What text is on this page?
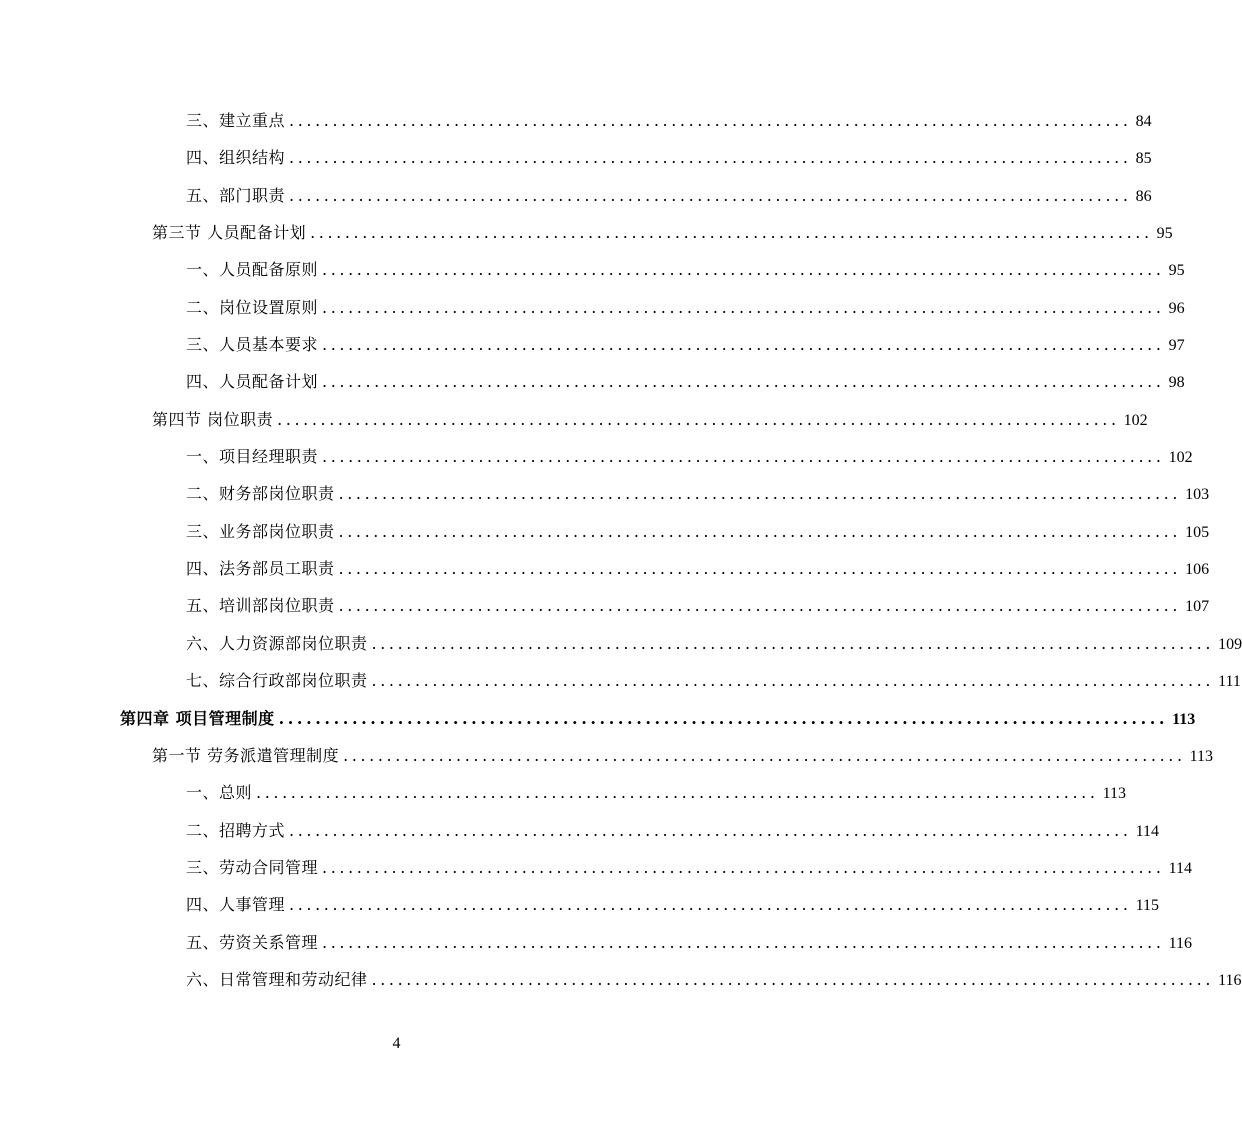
三、建立重点 ................................................................................................. 84
四、组织结构 ................................................................................................. 85
五、部门职责 ................................................................................................. 86
第三节 人员配备计划 ................................................................................................. 95
一、人员配备原则 ................................................................................................. 95
二、岗位设置原则 ................................................................................................. 96
三、人员基本要求 ................................................................................................. 97
四、人员配备计划 ................................................................................................. 98
第四节 岗位职责 ................................................................................................. 102
一、项目经理职责 ................................................................................................. 102
二、财务部岗位职责 ................................................................................................. 103
三、业务部岗位职责 ................................................................................................. 105
四、法务部员工职责 ................................................................................................. 106
五、培训部岗位职责 ................................................................................................. 107
六、人力资源部岗位职责 ................................................................................................. 109
七、综合行政部岗位职责 ................................................................................................. 111
第四章 项目管理制度 ................................................................................................. 113
第一节 劳务派遣管理制度 ................................................................................................. 113
一、总则 ................................................................................................. 113
二、招聘方式 ................................................................................................. 114
三、劳动合同管理 ................................................................................................. 114
四、人事管理 ................................................................................................. 115
五、劳资关系管理 ................................................................................................. 116
六、日常管理和劳动纪律 ................................................................................................. 116
4
